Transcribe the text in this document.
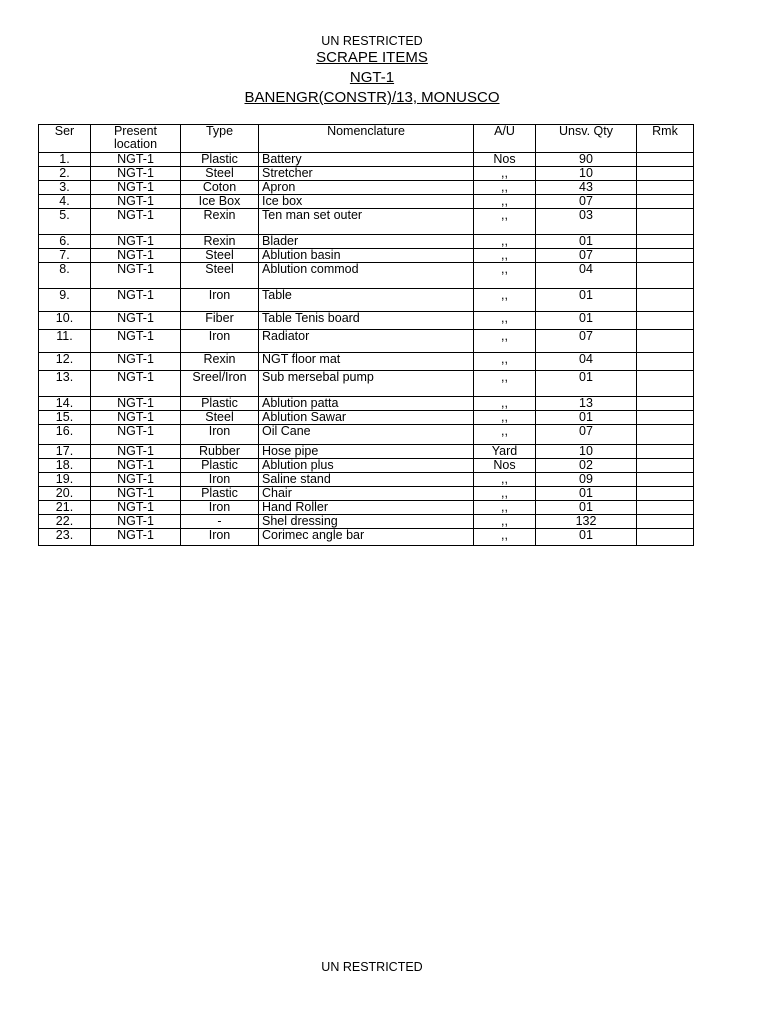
UN RESTRICTED
SCRAPE ITEMS
NGT-1
BANENGR(CONSTR)/13, MONUSCO
Ser	Present location	Type	Nomenclature	A/U	Unsv. Qty	Rmk
1.	NGT-1	Plastic	Battery	Nos	90	
2.	NGT-1	Steel	Stretcher	,,	10	
3.	NGT-1	Coton	Apron	,,	43	
4.	NGT-1	Ice Box	Ice box	,,	07	
5.	NGT-1	Rexin	Ten man set outer	,,	03	
6.	NGT-1	Rexin	Blader	,,	01	
7.	NGT-1	Steel	Ablution basin	,,	07	
8.	NGT-1	Steel	Ablution commod	,,	04	
9.	NGT-1	Iron	Table	,,	01	
10.	NGT-1	Fiber	Table Tenis board	,,	01	
11.	NGT-1	Iron	Radiator	,,	07	
12.	NGT-1	Rexin	NGT floor mat	,,	04	
13.	NGT-1	Sreel/Iron	Sub mersebal pump	,,	01	
14.	NGT-1	Plastic	Ablution patta	,,	13	
15.	NGT-1	Steel	Ablution Sawar	,,	01	
16.	NGT-1	Iron	Oil Cane	,,	07	
17.	NGT-1	Rubber	Hose pipe	Yard	10	
18.	NGT-1	Plastic	Ablution plus	Nos	02	
19.	NGT-1	Iron	Saline stand	,,	09	
20.	NGT-1	Plastic	Chair	,,	01	
21.	NGT-1	Iron	Hand Roller	,,	01	
22.	NGT-1	-	Shel dressing	,,	132	
23.	NGT-1	Iron	Corimec angle bar	,,	01	
UN RESTRICTED
